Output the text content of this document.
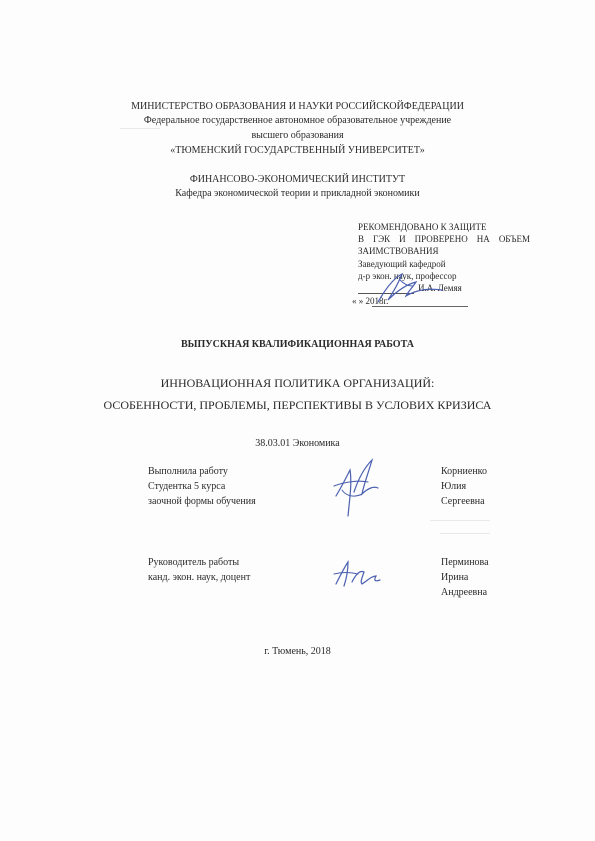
МИНИСТЕРСТВО ОБРАЗОВАНИЯ И НАУКИ РОССИЙСКОЙФЕДЕРАЦИИ
Федеральное государственное автономное образовательное учреждение
высшего образования
«ТЮМЕНСКИЙ ГОСУДАРСТВЕННЫЙ УНИВЕРСИТЕТ»
ФИНАНСОВО-ЭКОНОМИЧЕСКИЙ ИНСТИТУТ
Кафедра экономической теории и прикладной экономики
РЕКОМЕНДОВАНО К ЗАЩИТЕ
В ГЭК И ПРОВЕРЕНО НА ОБЪЕМ
ЗАИМСТВОВАНИЯ
Заведующий кафедрой
д-р экон. наук, профессор
И.А. Лемяя
« » 2018г.
ВЫПУСКНАЯ КВАЛИФИКАЦИОННАЯ РАБОТА
ИННОВАЦИОННАЯ ПОЛИТИКА ОРГАНИЗАЦИЙ:
ОСОБЕННОСТИ, ПРОБЛЕМЫ, ПЕРСПЕКТИВЫ В УСЛОВИХ КРИЗИСА
38.03.01 Экономика
Выполнила работу
Студентка 5 курса
заочной формы обучения
Корниенко
Юлия
Сергеевна
Руководитель работы
канд. экон. наук, доцент
Перминова
Ирина
Андреевна
г. Тюмень, 2018
